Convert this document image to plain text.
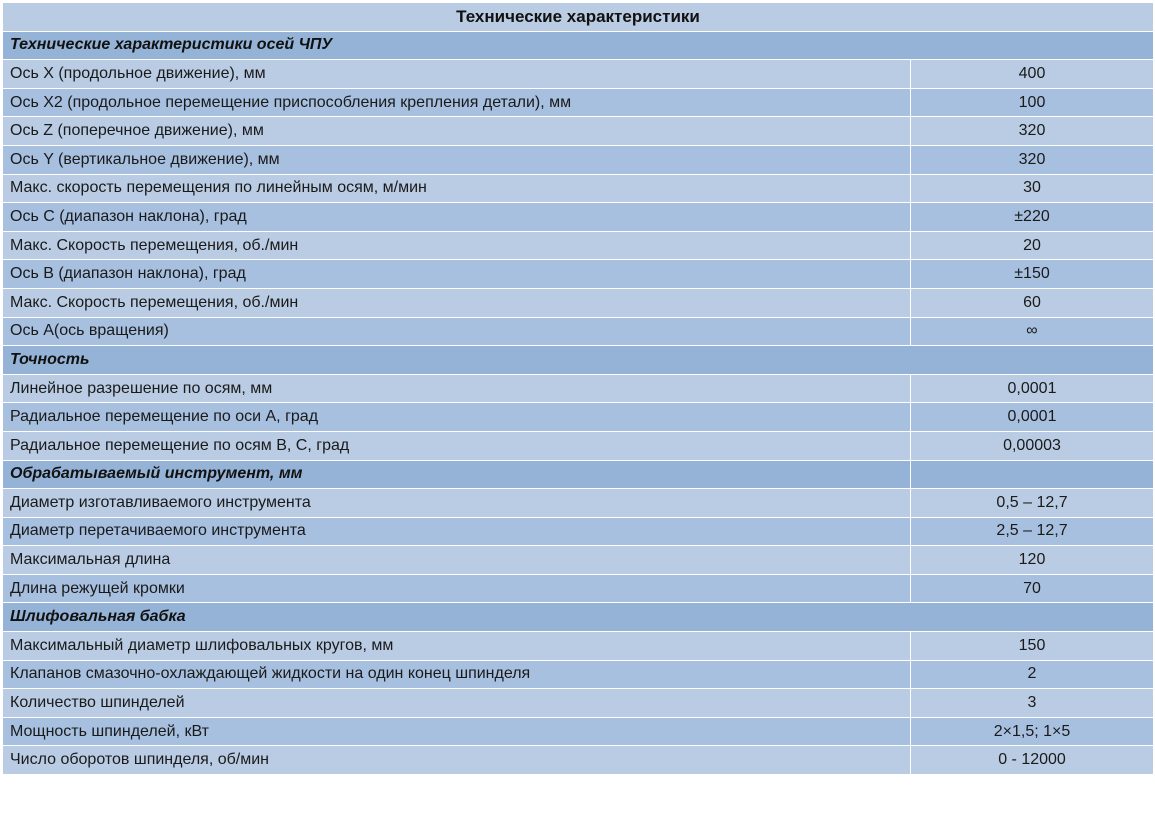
Технические характеристики	
Технические характеристики осей ЧПУ	
Ось X (продольное движение), мм	400
Ось X2 (продольное перемещение приспособления крепления детали), мм	100
Ось Z (поперечное движение), мм	320
Ось Y (вертикальное движение), мм	320
Макс. скорость перемещения по линейным осям, м/мин	30
Ось С (диапазон наклона), град	±220
Макс. Скорость перемещения, об./мин	20
Ось В (диапазон наклона), град	±150
Макс. Скорость перемещения, об./мин	60
Ось А(ось вращения)	∞
Точность	
Линейное разрешение по осям, мм	0,0001
Радиальное перемещение по оси А, град	0,0001
Радиальное перемещение по осям В, С, град	0,00003
Обрабатываемый инструмент, мм	
Диаметр изготавливаемого инструмента	0,5 – 12,7
Диаметр перетачиваемого инструмента	2,5 – 12,7
Максимальная длина	120
Длина режущей кромки	70
Шлифовальная бабка	
Максимальный диаметр шлифовальных кругов, мм	150
Клапанов смазочно-охлаждающей жидкости на один конец шпинделя	2
Количество шпинделей	3
Мощность шпинделей, кВт	2×1,5; 1×5
Число оборотов шпинделя, об/мин	0 - 12000
